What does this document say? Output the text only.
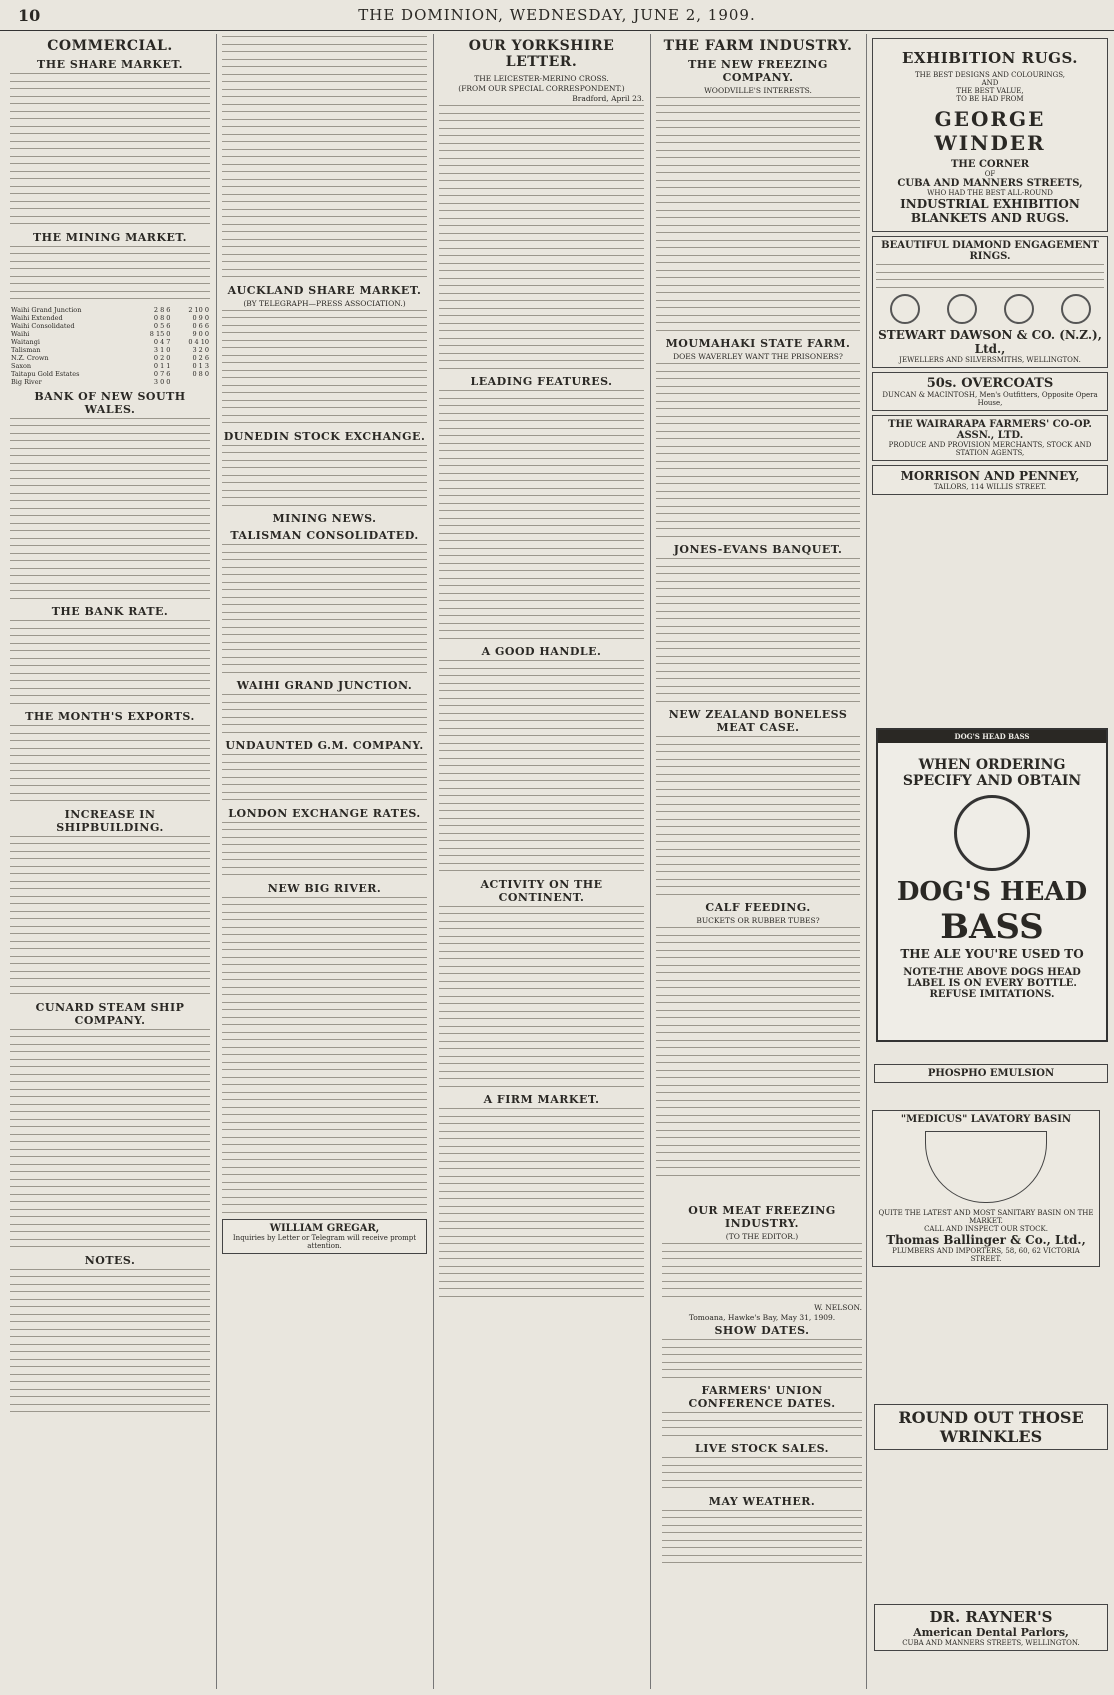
10	THE DOMINION, WEDNESDAY, JUNE 2, 1909.
COMMERCIAL.
THE SHARE MARKET.
THE MINING MARKET.
Waihi Grand Junction	2 8 6	2 10 0
Waihi Extended	0 8 0	0 9 0
Waihi Consolidated	0 5 6	0 6 6
Waihi	8 15 0	9 0 0
Waitangi	0 4 7	0 4 10
Talisman	3 1 0	3 2 0
N.Z. Crown	0 2 0	0 2 6
Saxon	0 1 1	0 1 3
Taitapu Gold Estates	0 7 6	0 8 0
Big River	3 0 0	
BANK OF NEW SOUTH WALES.
THE BANK RATE.
THE MONTH'S EXPORTS.
INCREASE IN SHIPBUILDING.
CUNARD STEAM SHIP COMPANY.
NOTES.
AUCKLAND SHARE MARKET.
(BY TELEGRAPH—PRESS ASSOCIATION.)
DUNEDIN STOCK EXCHANGE.
MINING NEWS.
TALISMAN CONSOLIDATED.
WAIHI GRAND JUNCTION.
UNDAUNTED G.M. COMPANY.
LONDON EXCHANGE RATES.
NEW BIG RIVER.
WILLIAM GREGAR,
Inquiries by Letter or Telegram will receive prompt attention.
OUR YORKSHIRE LETTER.
THE LEICESTER-MERINO CROSS.
(FROM OUR SPECIAL CORRESPONDENT.)
Bradford, April 23.
LEADING FEATURES.
A GOOD HANDLE.
ACTIVITY ON THE CONTINENT.
A FIRM MARKET.
THE FARM INDUSTRY.
THE NEW FREEZING COMPANY.
WOODVILLE'S INTERESTS.
MOUMAHAKI STATE FARM.
DOES WAVERLEY WANT THE PRISONERS?
JONES-EVANS BANQUET.
NEW ZEALAND BONELESS MEAT CASE.
CALF FEEDING.
BUCKETS OR RUBBER TUBES?
EXHIBITION RUGS.
THE BEST DESIGNS AND COLOURINGS,
AND
THE BEST VALUE,
TO BE HAD FROM
GEORGE WINDER
THE CORNER
OF
CUBA AND MANNERS STREETS,
WHO HAD THE BEST ALL-ROUND
INDUSTRIAL EXHIBITION
BLANKETS AND RUGS.
BEAUTIFUL DIAMOND ENGAGEMENT RINGS.
STEWART DAWSON & CO. (N.Z.), Ltd.,
JEWELLERS AND SILVERSMITHS, WELLINGTON.
50s. OVERCOATS
DUNCAN & MACINTOSH, Men's Outfitters, Opposite Opera House,
THE WAIRARAPA FARMERS' CO-OP. ASSN., LTD.
PRODUCE AND PROVISION MERCHANTS, STOCK AND STATION AGENTS,
MORRISON AND PENNEY,
TAILORS, 114 WILLIS STREET.
DOG'S HEAD BASS
WHEN ORDERING SPECIFY AND OBTAIN
DOG'S HEAD
BASS
THE ALE YOU'RE USED TO
NOTE-THE ABOVE DOGS HEAD LABEL IS ON EVERY BOTTLE. REFUSE IMITATIONS.
PHOSPHO EMULSION
ROUND OUT THOSE WRINKLES
DR. RAYNER'S
American Dental Parlors,
CUBA AND MANNERS STREETS, WELLINGTON.
"MEDICUS" LAVATORY BASIN
QUITE THE LATEST AND MOST SANITARY BASIN ON THE MARKET.
CALL AND INSPECT OUR STOCK.
Thomas Ballinger & Co., Ltd.,
PLUMBERS AND IMPORTERS, 58, 60, 62 VICTORIA STREET.
OUR MEAT FREEZING INDUSTRY.
(TO THE EDITOR.)
W. NELSON.
Tomoana, Hawke's Bay, May 31, 1909.
SHOW DATES.
FARMERS' UNION CONFERENCE DATES.
LIVE STOCK SALES.
MAY WEATHER.
